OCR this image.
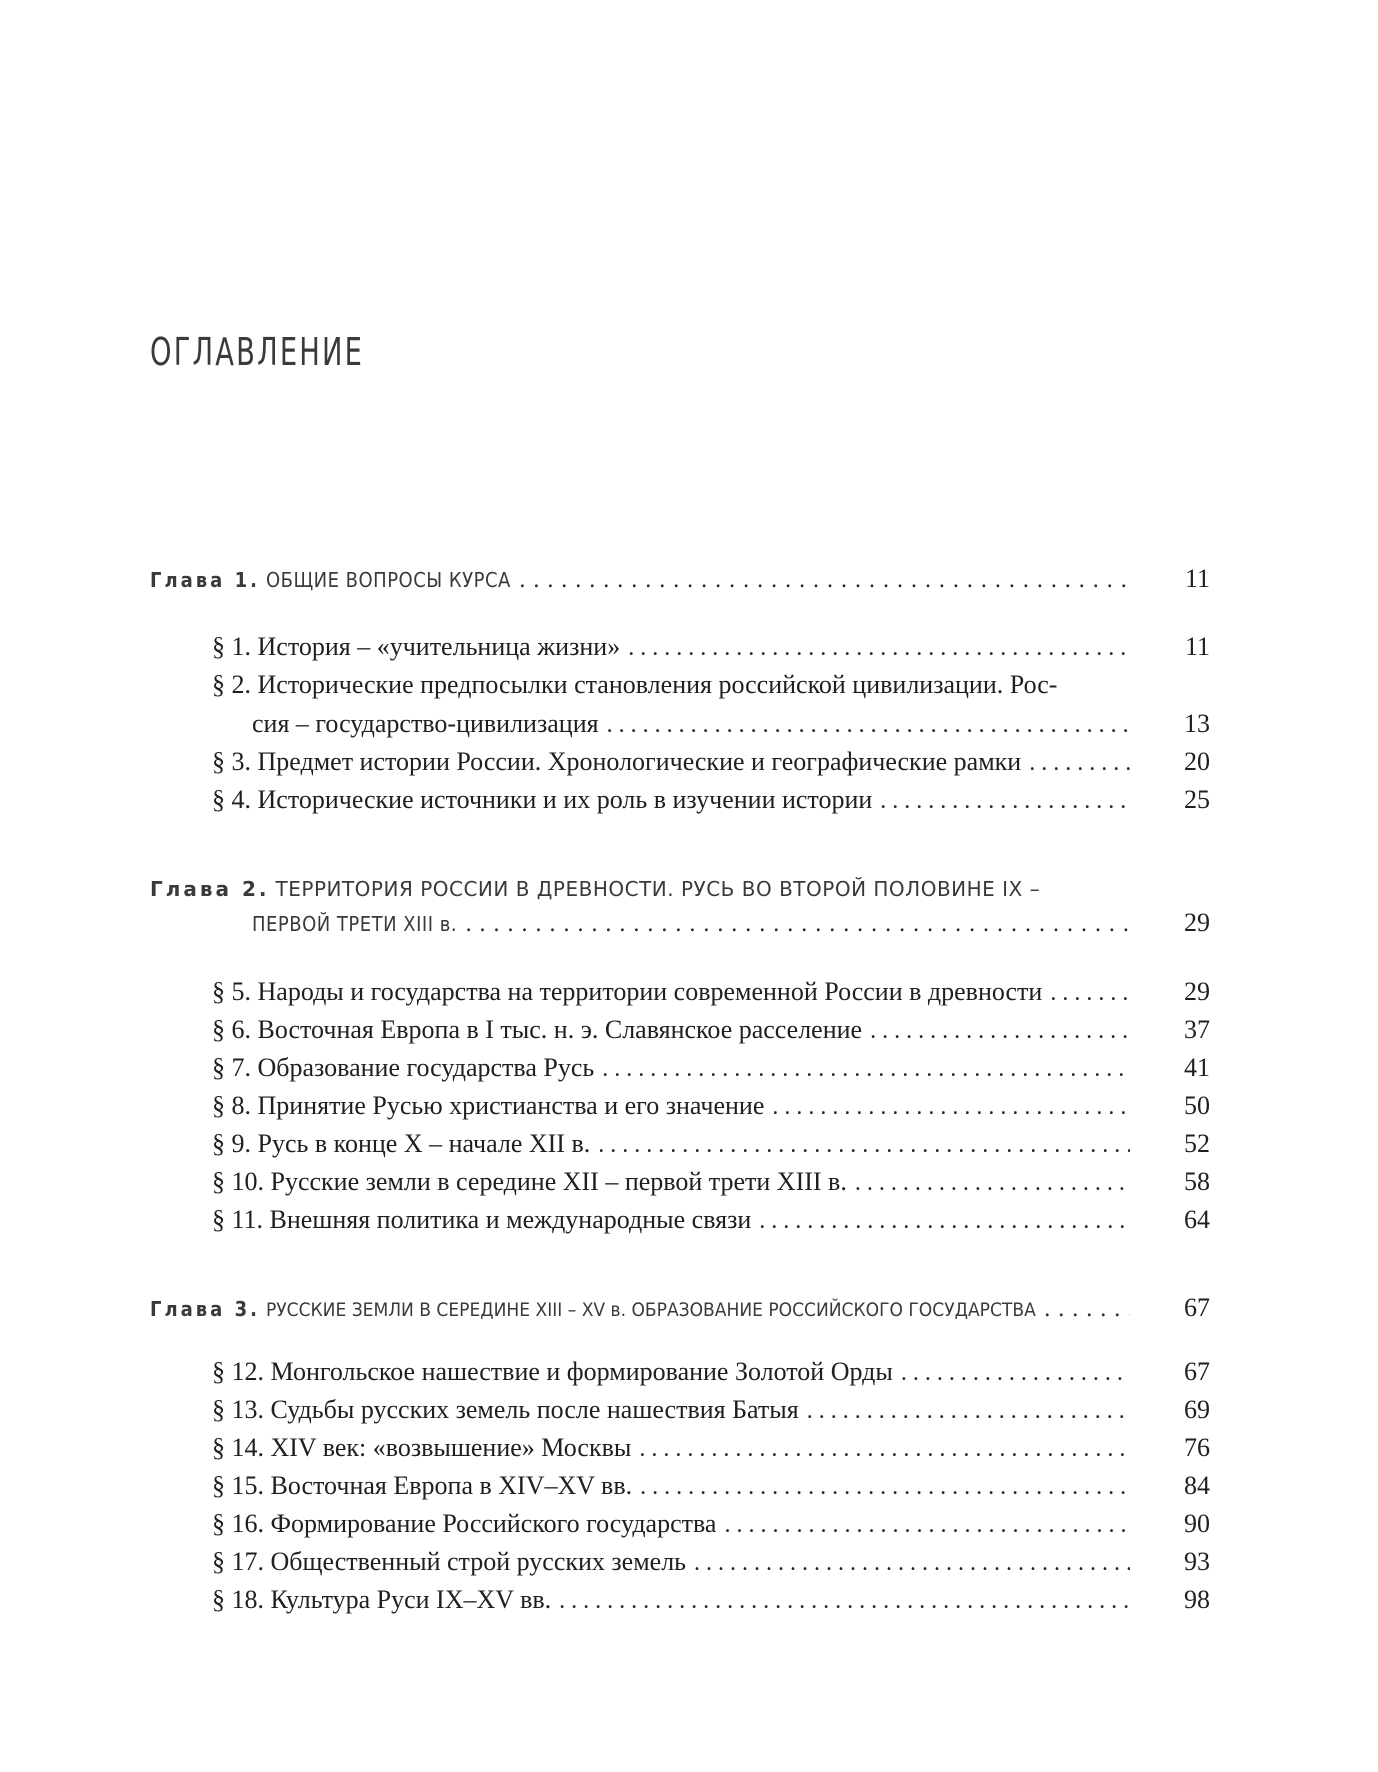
ОГЛАВЛЕНИЕ
Глава 1. ОБЩИЕ ВОПРОСЫ КУРСА . . .	11
§ 1. История – «учительница жизни» . . .	11
§ 2. Исторические предпосылки становления российской цивилизации. Рос-
сия – государство-цивилизация . . .	13
§ 3. Предмет истории России. Хронологические и географические рамки . . .	20
§ 4. Исторические источники и их роль в изучении истории . . .	25
Глава 2. ТЕРРИТОРИЯ РОССИИ В ДРЕВНОСТИ. РУСЬ ВО ВТОРОЙ ПОЛОВИНЕ IX –
ПЕРВОЙ ТРЕТИ XIII в. . . .	29
§ 5. Народы и государства на территории современной России в древности . . .	29
§ 6. Восточная Европа в I тыс. н. э. Славянское расселение . . .	37
§ 7. Образование государства Русь . . .	41
§ 8. Принятие Русью христианства и его значение . . .	50
§ 9. Русь в конце X – начале XII в. . . .	52
§ 10. Русские земли в середине XII – первой трети XIII в. . . .	58
§ 11. Внешняя политика и международные связи . . .	64
Глава 3. РУССКИЕ ЗЕМЛИ В СЕРЕДИНЕ XIII – XV в. ОБРАЗОВАНИЕ РОССИЙСКОГО ГОСУДАРСТВА . . .	67
§ 12. Монгольское нашествие и формирование Золотой Орды . . .	67
§ 13. Судьбы русских земель после нашествия Батыя . . .	69
§ 14. XIV век: «возвышение» Москвы . . .	76
§ 15. Восточная Европа в XIV–XV вв. . . .	84
§ 16. Формирование Российского государства . . .	90
§ 17. Общественный строй русских земель . . .	93
§ 18. Культура Руси IX–XV вв. . . .	98
